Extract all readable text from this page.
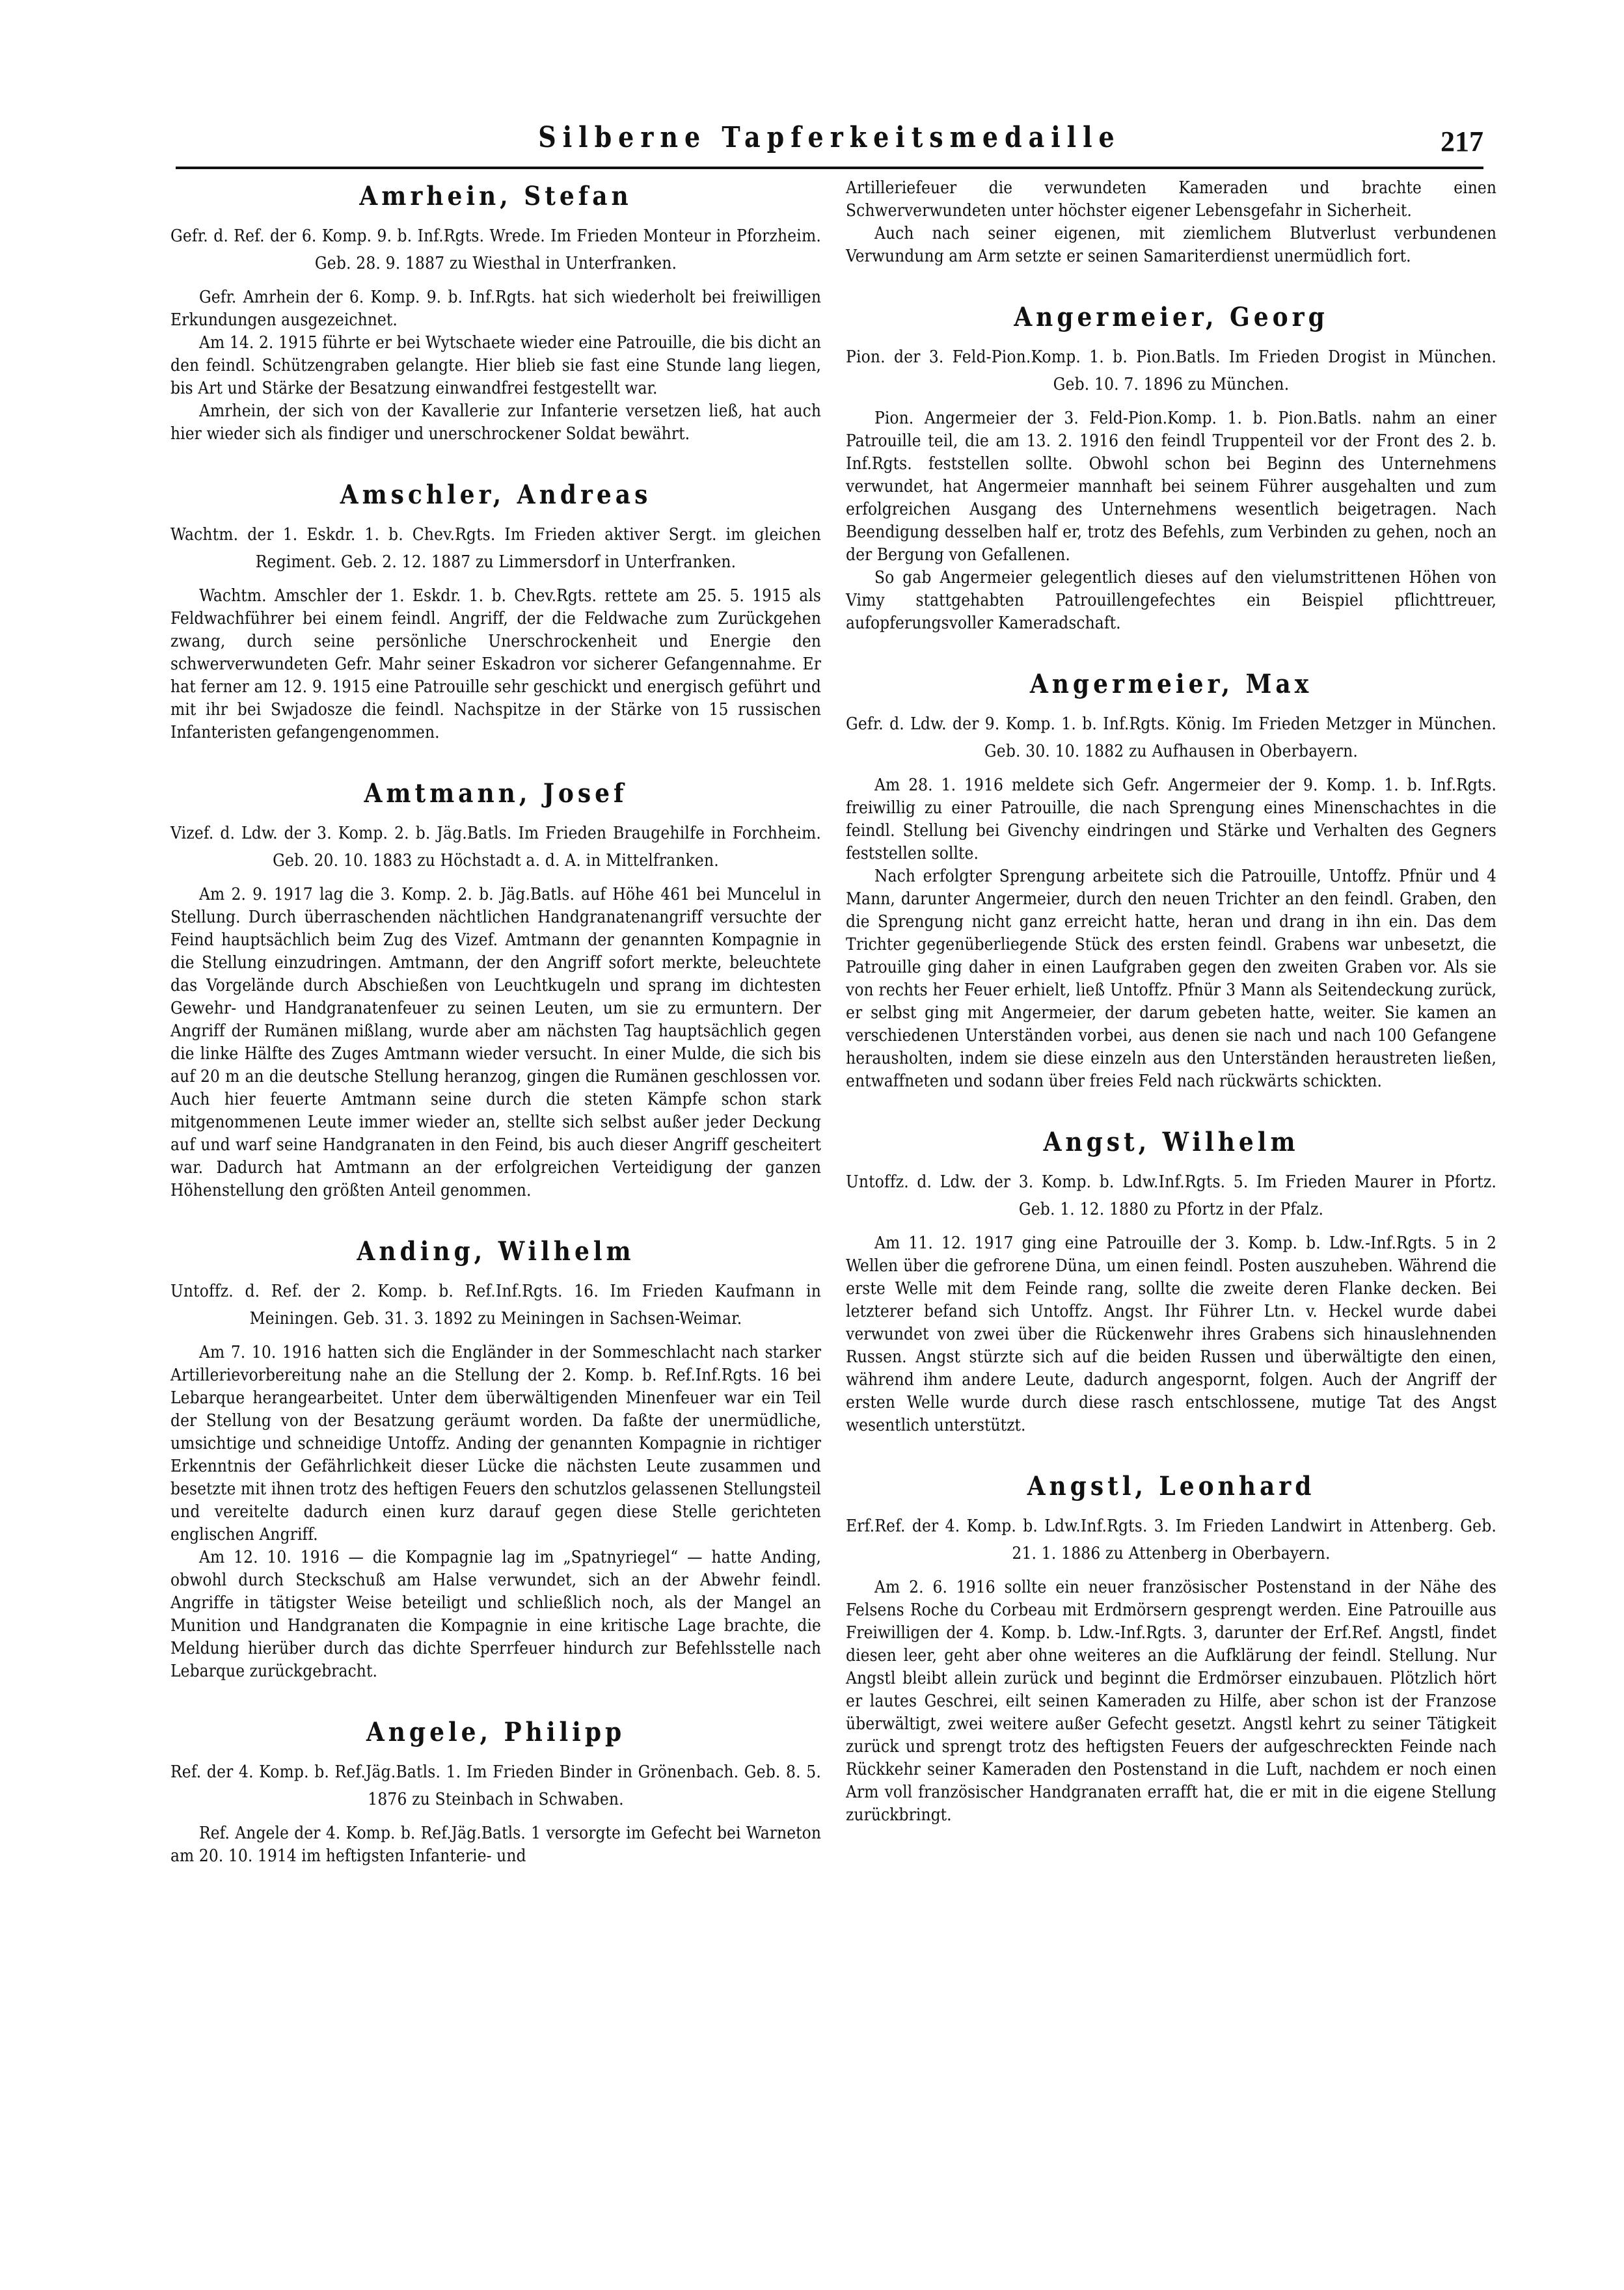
Silberne Tapferkeitsmedaille	217
Amrhein, Stefan
Gefr. d. Ref. der 6. Komp. 9. b. Inf.Rgts. Wrede. Im Frieden Monteur in Pforzheim. Geb. 28. 9. 1887 zu Wiesthal in Unterfranken.

Gefr. Amrhein der 6. Komp. 9. b. Inf.Rgts. hat sich wiederholt bei freiwilligen Erkundungen ausgezeichnet.

Am 14. 2. 1915 führte er bei Wytschaete wieder eine Patrouille, die bis dicht an den feindl. Schützengraben gelangte. Hier blieb sie fast eine Stunde lang liegen, bis Art und Stärke der Besatzung einwandfrei festgestellt war.

Amrhein, der sich von der Kavallerie zur Infanterie versetzen ließ, hat auch hier wieder sich als findiger und unerschrockener Soldat bewährt.

Amschler, Andreas
Wachtm. der 1. Eskdr. 1. b. Chev.Rgts. Im Frieden aktiver Sergt. im gleichen Regiment. Geb. 2. 12. 1887 zu Limmersdorf in Unterfranken.

Wachtm. Amschler der 1. Eskdr. 1. b. Chev.Rgts. rettete am 25. 5. 1915 als Feldwachführer bei einem feindl. Angriff, der die Feldwache zum Zurückgehen zwang, durch seine persönliche Unerschrockenheit und Energie den schwerverwundeten Gefr. Mahr seiner Eskadron vor sicherer Gefangennahme. Er hat ferner am 12. 9. 1915 eine Patrouille sehr geschickt und energisch geführt und mit ihr bei Swjadosze die feindl. Nachspitze in der Stärke von 15 russischen Infanteristen gefangengenommen.

Amtmann, Josef
Vizef. d. Ldw. der 3. Komp. 2. b. Jäg.Batls. Im Frieden Braugehilfe in Forchheim. Geb. 20. 10. 1883 zu Höchstadt a. d. A. in Mittelfranken.

Am 2. 9. 1917 lag die 3. Komp. 2. b. Jäg.Batls. auf Höhe 461 bei Muncelul in Stellung. Durch überraschenden nächtlichen Handgranatenangriff versuchte der Feind hauptsächlich beim Zug des Vizef. Amtmann der genannten Kompagnie in die Stellung einzudringen. Amtmann, der den Angriff sofort merkte, beleuchtete das Vorgelände durch Abschießen von Leuchtkugeln und sprang im dichtesten Gewehr- und Handgranatenfeuer zu seinen Leuten, um sie zu ermuntern. Der Angriff der Rumänen mißlang, wurde aber am nächsten Tag hauptsächlich gegen die linke Hälfte des Zuges Amtmann wieder versucht. In einer Mulde, die sich bis auf 20 m an die deutsche Stellung heranzog, gingen die Rumänen geschlossen vor. Auch hier feuerte Amtmann seine durch die steten Kämpfe schon stark mitgenommenen Leute immer wieder an, stellte sich selbst außer jeder Deckung auf und warf seine Handgranaten in den Feind, bis auch dieser Angriff gescheitert war. Dadurch hat Amtmann an der erfolgreichen Verteidigung der ganzen Höhenstellung den größten Anteil genommen.

Anding, Wilhelm
Untoffz. d. Ref. der 2. Komp. b. Ref.Inf.Rgts. 16. Im Frieden Kaufmann in Meiningen. Geb. 31. 3. 1892 zu Meiningen in Sachsen-Weimar.

Am 7. 10. 1916 hatten sich die Engländer in der Sommeschlacht nach starker Artillerievorbereitung nahe an die Stellung der 2. Komp. b. Ref.Inf.Rgts. 16 bei Lebarque herangearbeitet. Unter dem überwältigenden Minenfeuer war ein Teil der Stellung von der Besatzung geräumt worden. Da faßte der unermüdliche, umsichtige und schneidige Untoffz. Anding der genannten Kompagnie in richtiger Erkenntnis der Gefährlichkeit dieser Lücke die nächsten Leute zusammen und besetzte mit ihnen trotz des heftigen Feuers den schutzlos gelassenen Stellungsteil und vereitelte dadurch einen kurz darauf gegen diese Stelle gerichteten englischen Angriff.

Am 12. 10. 1916 — die Kompagnie lag im „Spatnyriegel“ — hatte Anding, obwohl durch Steckschuß am Halse verwundet, sich an der Abwehr feindl. Angriffe in tätigster Weise beteiligt und schließlich noch, als der Mangel an Munition und Handgranaten die Kompagnie in eine kritische Lage brachte, die Meldung hierüber durch das dichte Sperrfeuer hindurch zur Befehlsstelle nach Lebarque zurückgebracht.

Angele, Philipp
Ref. der 4. Komp. b. Ref.Jäg.Batls. 1. Im Frieden Binder in Grönenbach. Geb. 8. 5. 1876 zu Steinbach in Schwaben.

Ref. Angele der 4. Komp. b. Ref.Jäg.Batls. 1 versorgte im Gefecht bei Warneton am 20. 10. 1914 im heftigsten Infanterie- und

Artilleriefeuer die verwundeten Kameraden und brachte einen Schwerverwundeten unter höchster eigener Lebensgefahr in Sicherheit.

Auch nach seiner eigenen, mit ziemlichem Blutverlust verbundenen Verwundung am Arm setzte er seinen Samariterdienst unermüdlich fort.

Angermeier, Georg
Pion. der 3. Feld-Pion.Komp. 1. b. Pion.Batls. Im Frieden Drogist in München. Geb. 10. 7. 1896 zu München.

Pion. Angermeier der 3. Feld-Pion.Komp. 1. b. Pion.Batls. nahm an einer Patrouille teil, die am 13. 2. 1916 den feindl Truppenteil vor der Front des 2. b. Inf.Rgts. feststellen sollte. Obwohl schon bei Beginn des Unternehmens verwundet, hat Angermeier mannhaft bei seinem Führer ausgehalten und zum erfolgreichen Ausgang des Unternehmens wesentlich beigetragen. Nach Beendigung desselben half er, trotz des Befehls, zum Verbinden zu gehen, noch an der Bergung von Gefallenen.

So gab Angermeier gelegentlich dieses auf den vielumstrittenen Höhen von Vimy stattgehabten Patrouillengefechtes ein Beispiel pflichttreuer, aufopferungsvoller Kameradschaft.

Angermeier, Max
Gefr. d. Ldw. der 9. Komp. 1. b. Inf.Rgts. König. Im Frieden Metzger in München. Geb. 30. 10. 1882 zu Aufhausen in Oberbayern.

Am 28. 1. 1916 meldete sich Gefr. Angermeier der 9. Komp. 1. b. Inf.Rgts. freiwillig zu einer Patrouille, die nach Sprengung eines Minenschachtes in die feindl. Stellung bei Givenchy eindringen und Stärke und Verhalten des Gegners feststellen sollte.

Nach erfolgter Sprengung arbeitete sich die Patrouille, Untoffz. Pfnür und 4 Mann, darunter Angermeier, durch den neuen Trichter an den feindl. Graben, den die Sprengung nicht ganz erreicht hatte, heran und drang in ihn ein. Das dem Trichter gegenüberliegende Stück des ersten feindl. Grabens war unbesetzt, die Patrouille ging daher in einen Laufgraben gegen den zweiten Graben vor. Als sie von rechts her Feuer erhielt, ließ Untoffz. Pfnür 3 Mann als Seitendeckung zurück, er selbst ging mit Angermeier, der darum gebeten hatte, weiter. Sie kamen an verschiedenen Unterständen vorbei, aus denen sie nach und nach 100 Gefangene herausholten, indem sie diese einzeln aus den Unterständen heraustreten ließen, entwaffneten und sodann über freies Feld nach rückwärts schickten.

Angst, Wilhelm
Untoffz. d. Ldw. der 3. Komp. b. Ldw.Inf.Rgts. 5. Im Frieden Maurer in Pfortz. Geb. 1. 12. 1880 zu Pfortz in der Pfalz.

Am 11. 12. 1917 ging eine Patrouille der 3. Komp. b. Ldw.-Inf.Rgts. 5 in 2 Wellen über die gefrorene Düna, um einen feindl. Posten auszuheben. Während die erste Welle mit dem Feinde rang, sollte die zweite deren Flanke decken. Bei letzterer befand sich Untoffz. Angst. Ihr Führer Ltn. v. Heckel wurde dabei verwundet von zwei über die Rückenwehr ihres Grabens sich hinauslehnenden Russen. Angst stürzte sich auf die beiden Russen und überwältigte den einen, während ihm andere Leute, dadurch angespornt, folgen. Auch der Angriff der ersten Welle wurde durch diese rasch entschlossene, mutige Tat des Angst wesentlich unterstützt.

Angstl, Leonhard
Erf.Ref. der 4. Komp. b. Ldw.Inf.Rgts. 3. Im Frieden Landwirt in Attenberg. Geb. 21. 1. 1886 zu Attenberg in Oberbayern.

Am 2. 6. 1916 sollte ein neuer französischer Postenstand in der Nähe des Felsens Roche du Corbeau mit Erdmörsern gesprengt werden. Eine Patrouille aus Freiwilligen der 4. Komp. b. Ldw.-Inf.Rgts. 3, darunter der Erf.Ref. Angstl, findet diesen leer, geht aber ohne weiteres an die Aufklärung der feindl. Stellung. Nur Angstl bleibt allein zurück und beginnt die Erdmörser einzubauen. Plötzlich hört er lautes Geschrei, eilt seinen Kameraden zu Hilfe, aber schon ist der Franzose überwältigt, zwei weitere außer Gefecht gesetzt. Angstl kehrt zu seiner Tätigkeit zurück und sprengt trotz des heftigsten Feuers der aufgeschreckten Feinde nach Rückkehr seiner Kameraden den Postenstand in die Luft, nachdem er noch einen Arm voll französischer Handgranaten errafft hat, die er mit in die eigene Stellung zurückbringt.
